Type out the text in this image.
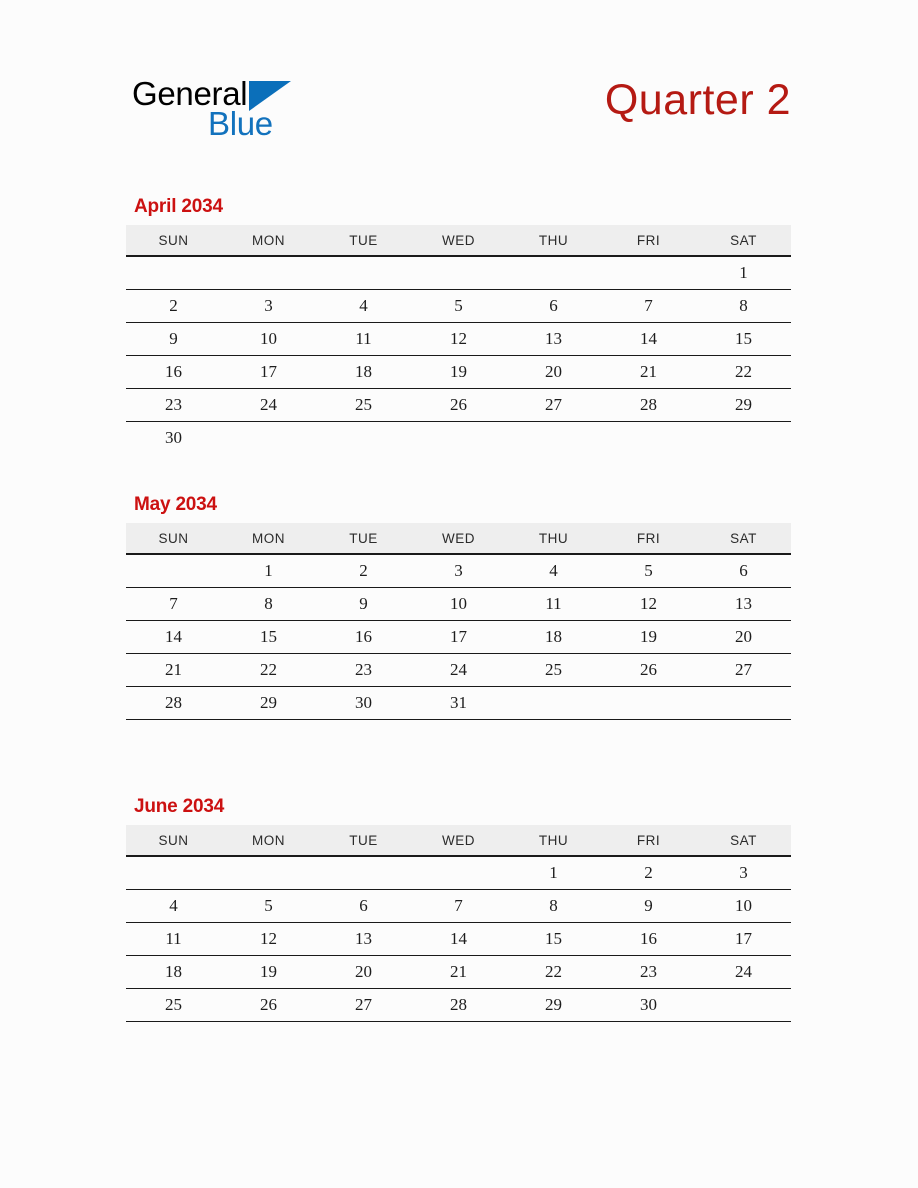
General
Blue	Quarter 2
April 2034
SUN	MON	TUE	WED	THU	FRI	SAT
						1
2	3	4	5	6	7	8
9	10	11	12	13	14	15
16	17	18	19	20	21	22
23	24	25	26	27	28	29
30						
May 2034
SUN	MON	TUE	WED	THU	FRI	SAT
	1	2	3	4	5	6
7	8	9	10	11	12	13
14	15	16	17	18	19	20
21	22	23	24	25	26	27
28	29	30	31			
June 2034
SUN	MON	TUE	WED	THU	FRI	SAT
				1	2	3
4	5	6	7	8	9	10
11	12	13	14	15	16	17
18	19	20	21	22	23	24
25	26	27	28	29	30	
